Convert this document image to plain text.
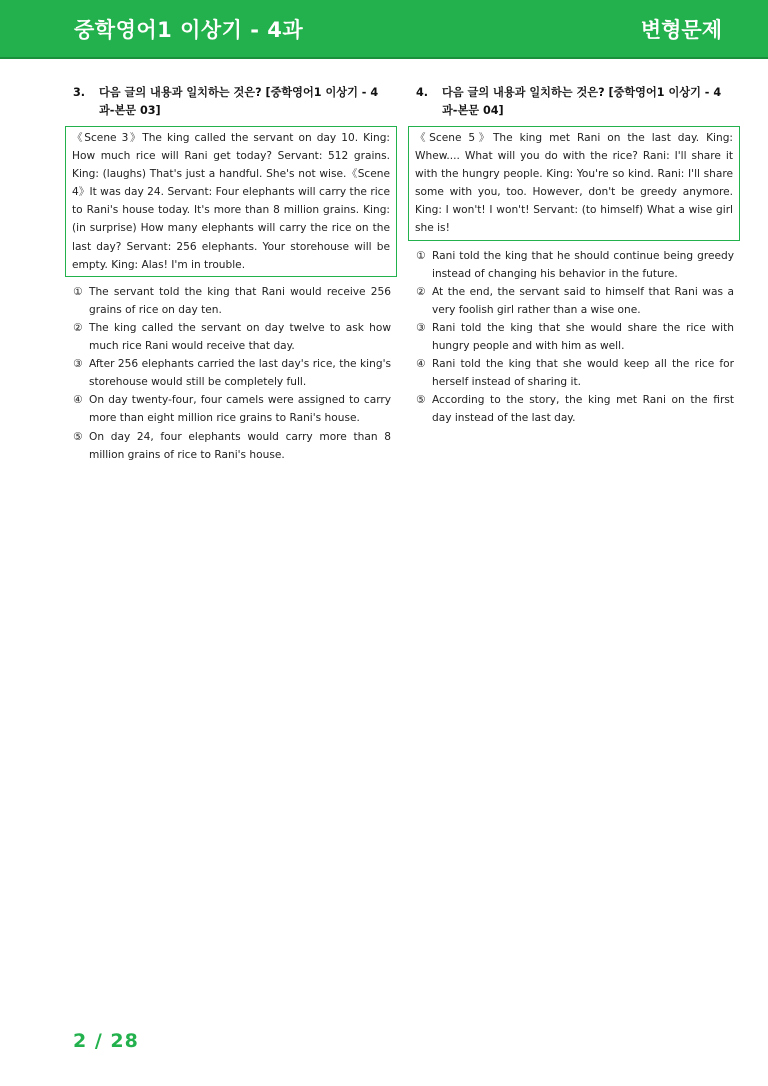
중학영어1 이상기 - 4과	변형문제
3.	다음 글의 내용과 일치하는 것은? [중학영어1 이상기 - 4과-본문 03]
《Scene 3》The king called the servant on day 10. King: How much rice will Rani get today? Servant: 512 grains. King: (laughs) That's just a handful. She's not wise.《Scene 4》It was day 24. Servant: Four elephants will carry the rice to Rani's house today. It's more than 8 million grains. King: (in surprise) How many elephants will carry the rice on the last day? Servant: 256 elephants. Your storehouse will be empty. King: Alas! I'm in trouble.
① The servant told the king that Rani would receive 256 grains of rice on day ten.
② The king called the servant on day twelve to ask how much rice Rani would receive that day.
③ After 256 elephants carried the last day's rice, the king's storehouse would still be completely full.
④ On day twenty-four, four camels were assigned to carry more than eight million rice grains to Rani's house.
⑤ On day 24, four elephants would carry more than 8 million grains of rice to Rani's house.
4.	다음 글의 내용과 일치하는 것은? [중학영어1 이상기 - 4과-본문 04]
《Scene 5》The king met Rani on the last day. King: Whew.... What will you do with the rice? Rani: I'll share it with the hungry people. King: You're so kind. Rani: I'll share some with you, too. However, don't be greedy anymore. King: I won't! I won't! Servant: (to himself) What a wise girl she is!
① Rani told the king that he should continue being greedy instead of changing his behavior in the future.
② At the end, the servant said to himself that Rani was a very foolish girl rather than a wise one.
③ Rani told the king that she would share the rice with hungry people and with him as well.
④ Rani told the king that she would keep all the rice for herself instead of sharing it.
⑤ According to the story, the king met Rani on the first day instead of the last day.
2 / 28
